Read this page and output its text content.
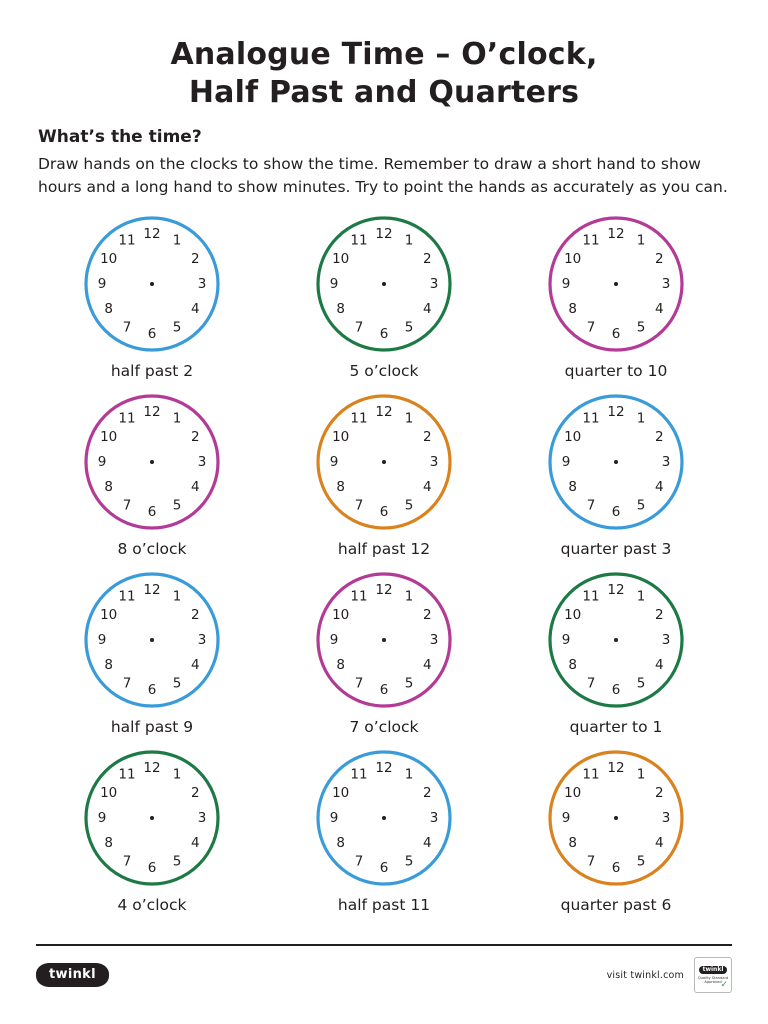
Analogue Time – O’clock,
Half Past and Quarters
What’s the time?
Draw hands on the clocks to show the time. Remember to draw a short hand to show hours and a long hand to show minutes. Try to point the hands as accurately as you can.
12 1
2
3
4
5
6
7
8
9
10
11
half past 2
12 1
2
3
4
5
6
7
8
9
10
11
5 o’clock
12 1
2
3
4
5
6
7
8
9
10
11
quarter to 10
12 1
2
3
4
5
6
7
8
9
10
11
8 o’clock
12 1
2
3
4
5
6
7
8
9
10
11
half past 12
12 1
2
3
4
5
6
7
8
9
10
11
quarter past 3
12 1
2
3
4
5
6
7
8
9
10
11
half past 9
12 1
2
3
4
5
6
7
8
9
10
11
7 o’clock
12 1
2
3
4
5
6
7
8
9
10
11
quarter to 1
12 1
2
3
4
5
6
7
8
9
10
11
4 o’clock
12 1
2
3
4
5
6
7
8
9
10
11
half past 11
12 1
2
3
4
5
6
7
8
9
10
11
quarter past 6
twinkl	visit twinkl.com
twinkl
Quality Standard Approved
✓
